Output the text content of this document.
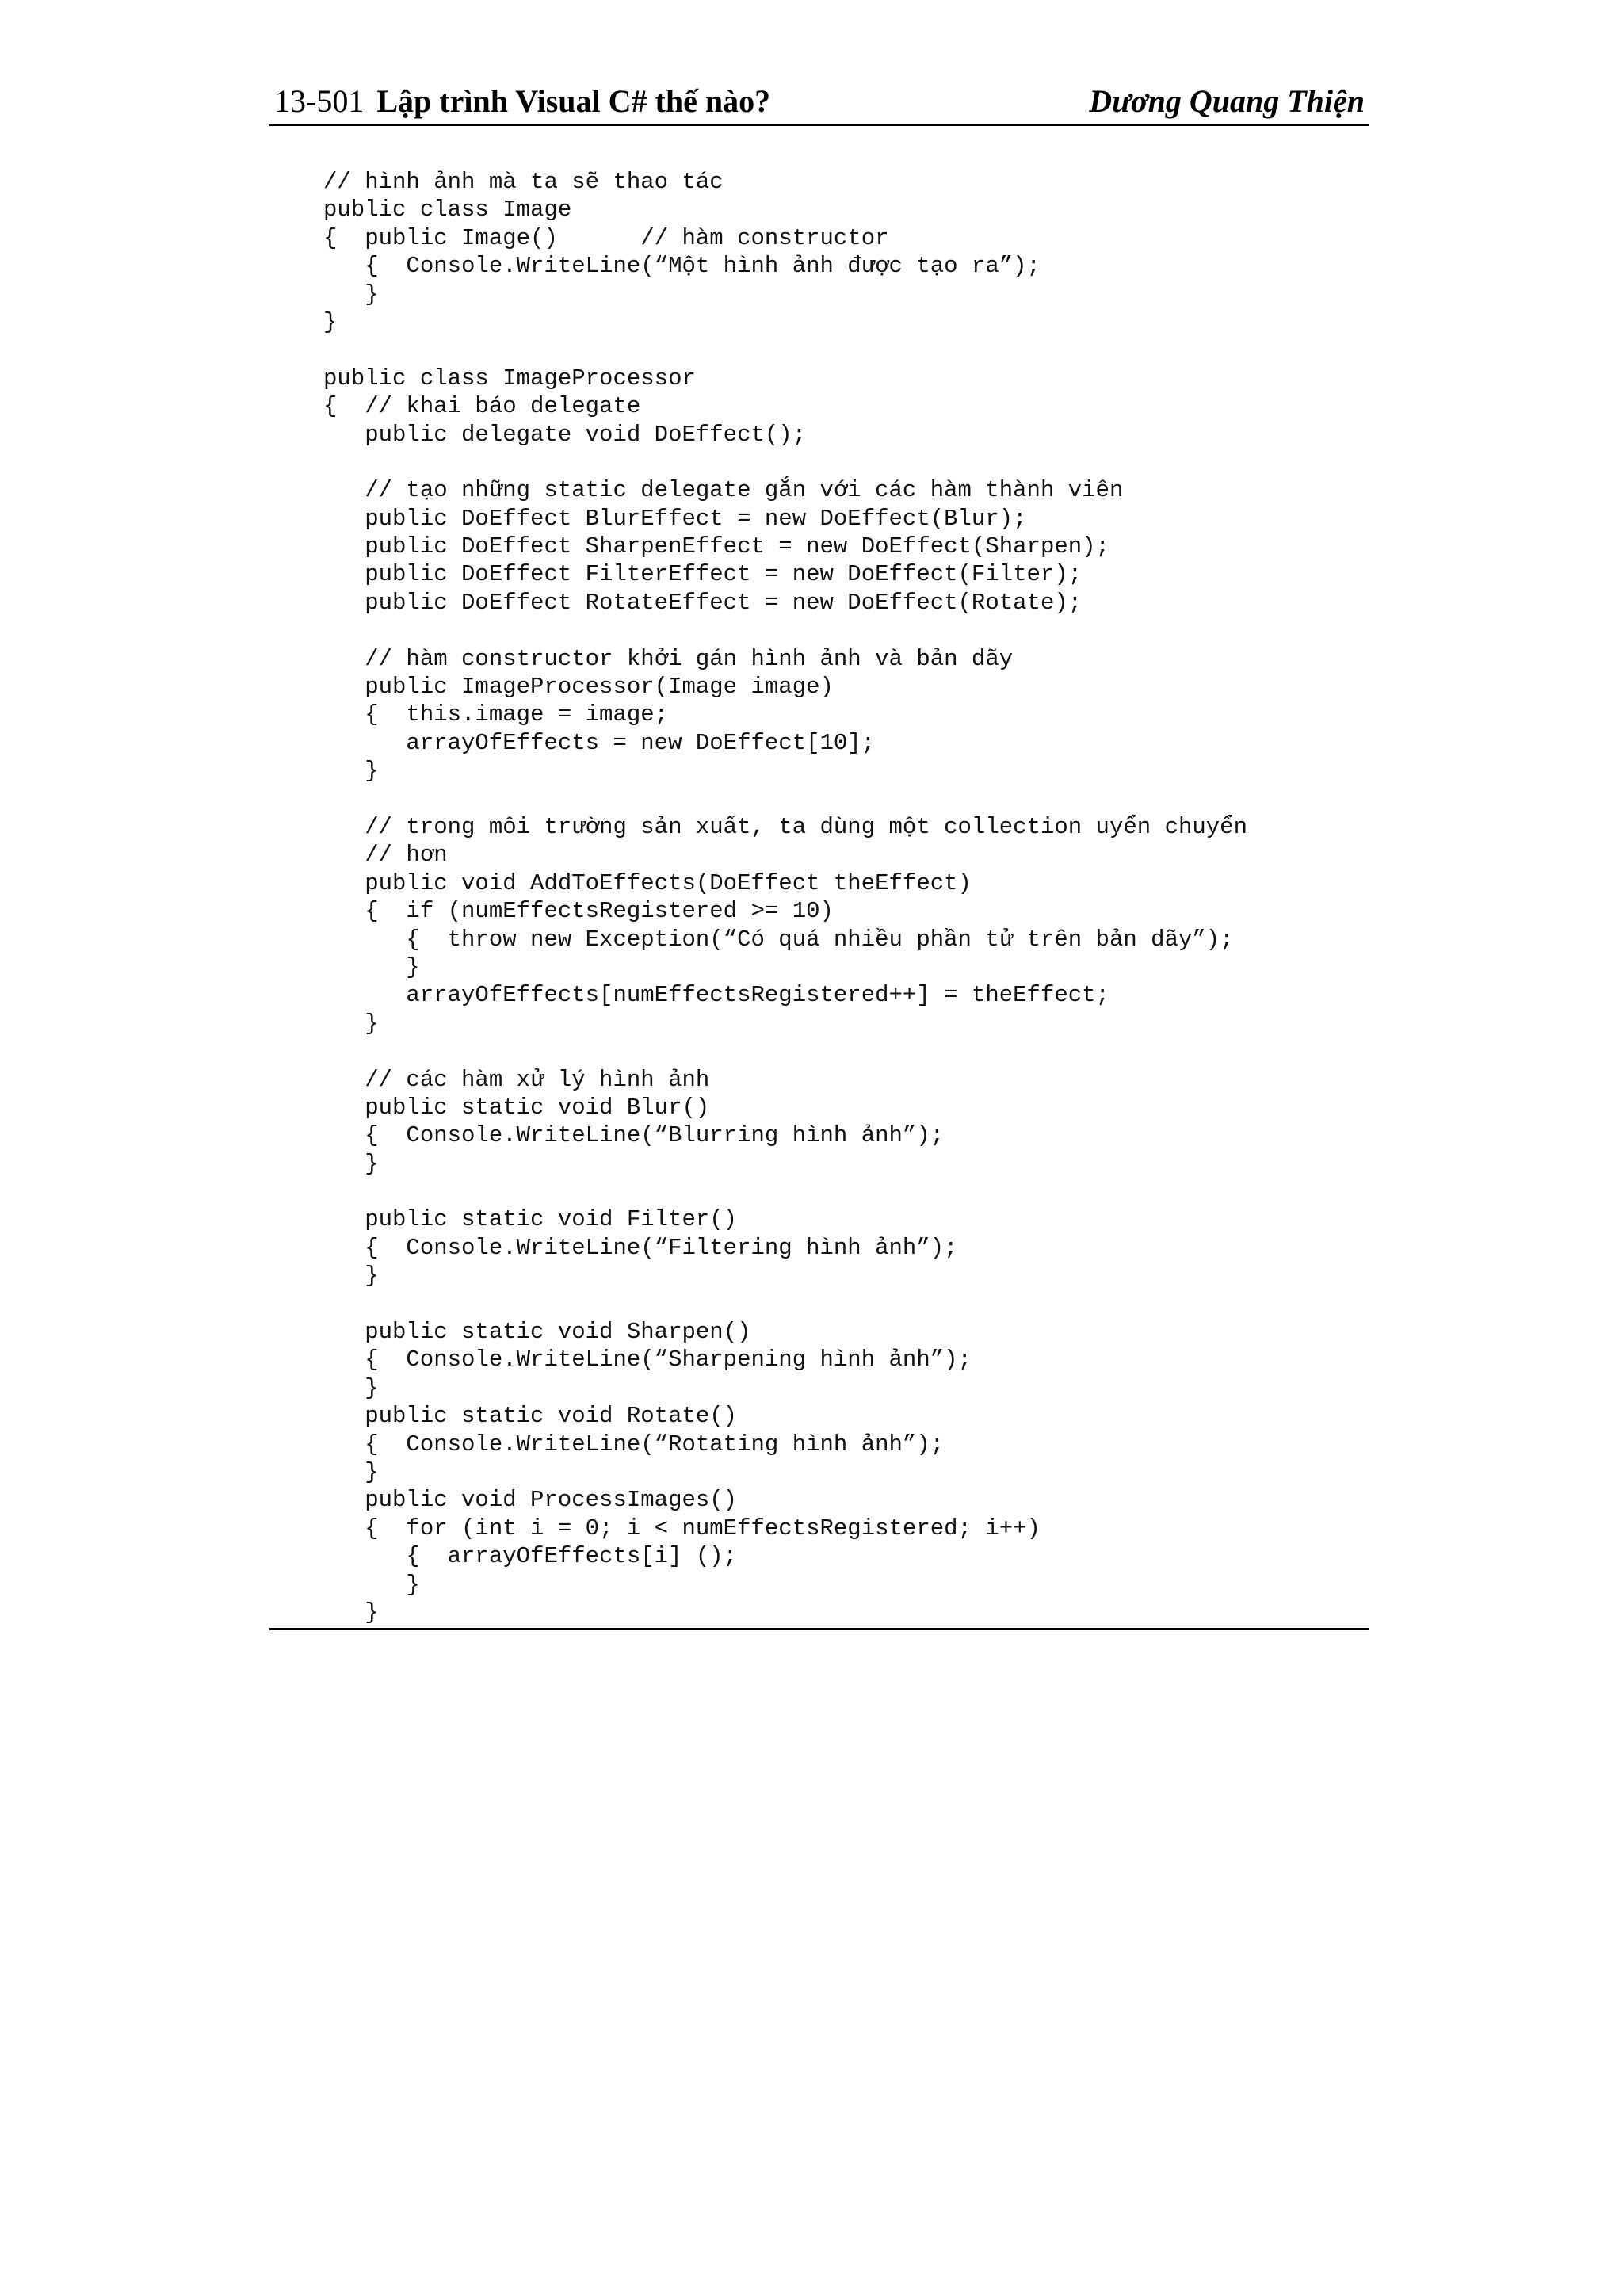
13-501 Lập trình Visual C# thế nào?	Dương Quang Thiện
// hình ảnh mà ta sẽ thao tác
public class Image
{  public Image()      // hàm constructor
{  Console.WriteLine(“Một hình ảnh được tạo ra”);
}
}
public class ImageProcessor
{  // khai báo delegate
public delegate void DoEffect();
// tạo những static delegate gắn với các hàm thành viên
public DoEffect BlurEffect = new DoEffect(Blur);
public DoEffect SharpenEffect = new DoEffect(Sharpen);
public DoEffect FilterEffect = new DoEffect(Filter);
public DoEffect RotateEffect = new DoEffect(Rotate);
// hàm constructor khởi gán hình ảnh và bản dãy
public ImageProcessor(Image image)
{  this.image = image;
arrayOfEffects = new DoEffect[10];
}
// trong môi trường sản xuất, ta dùng một collection uyển chuyển
// hơn
public void AddToEffects(DoEffect theEffect)
{  if (numEffectsRegistered >= 10)
{  throw new Exception(“Có quá nhiều phần tử trên bản dãy”);
}
arrayOfEffects[numEffectsRegistered++] = theEffect;
}
// các hàm xử lý hình ảnh
public static void Blur()
{  Console.WriteLine(“Blurring hình ảnh”);
}
public static void Filter()
{  Console.WriteLine(“Filtering hình ảnh”);
}
public static void Sharpen()
{  Console.WriteLine(“Sharpening hình ảnh”);
}
public static void Rotate()
{  Console.WriteLine(“Rotating hình ảnh”);
}
public void ProcessImages()
{  for (int i = 0; i < numEffectsRegistered; i++)
{  arrayOfEffects[i] ();
}
}
